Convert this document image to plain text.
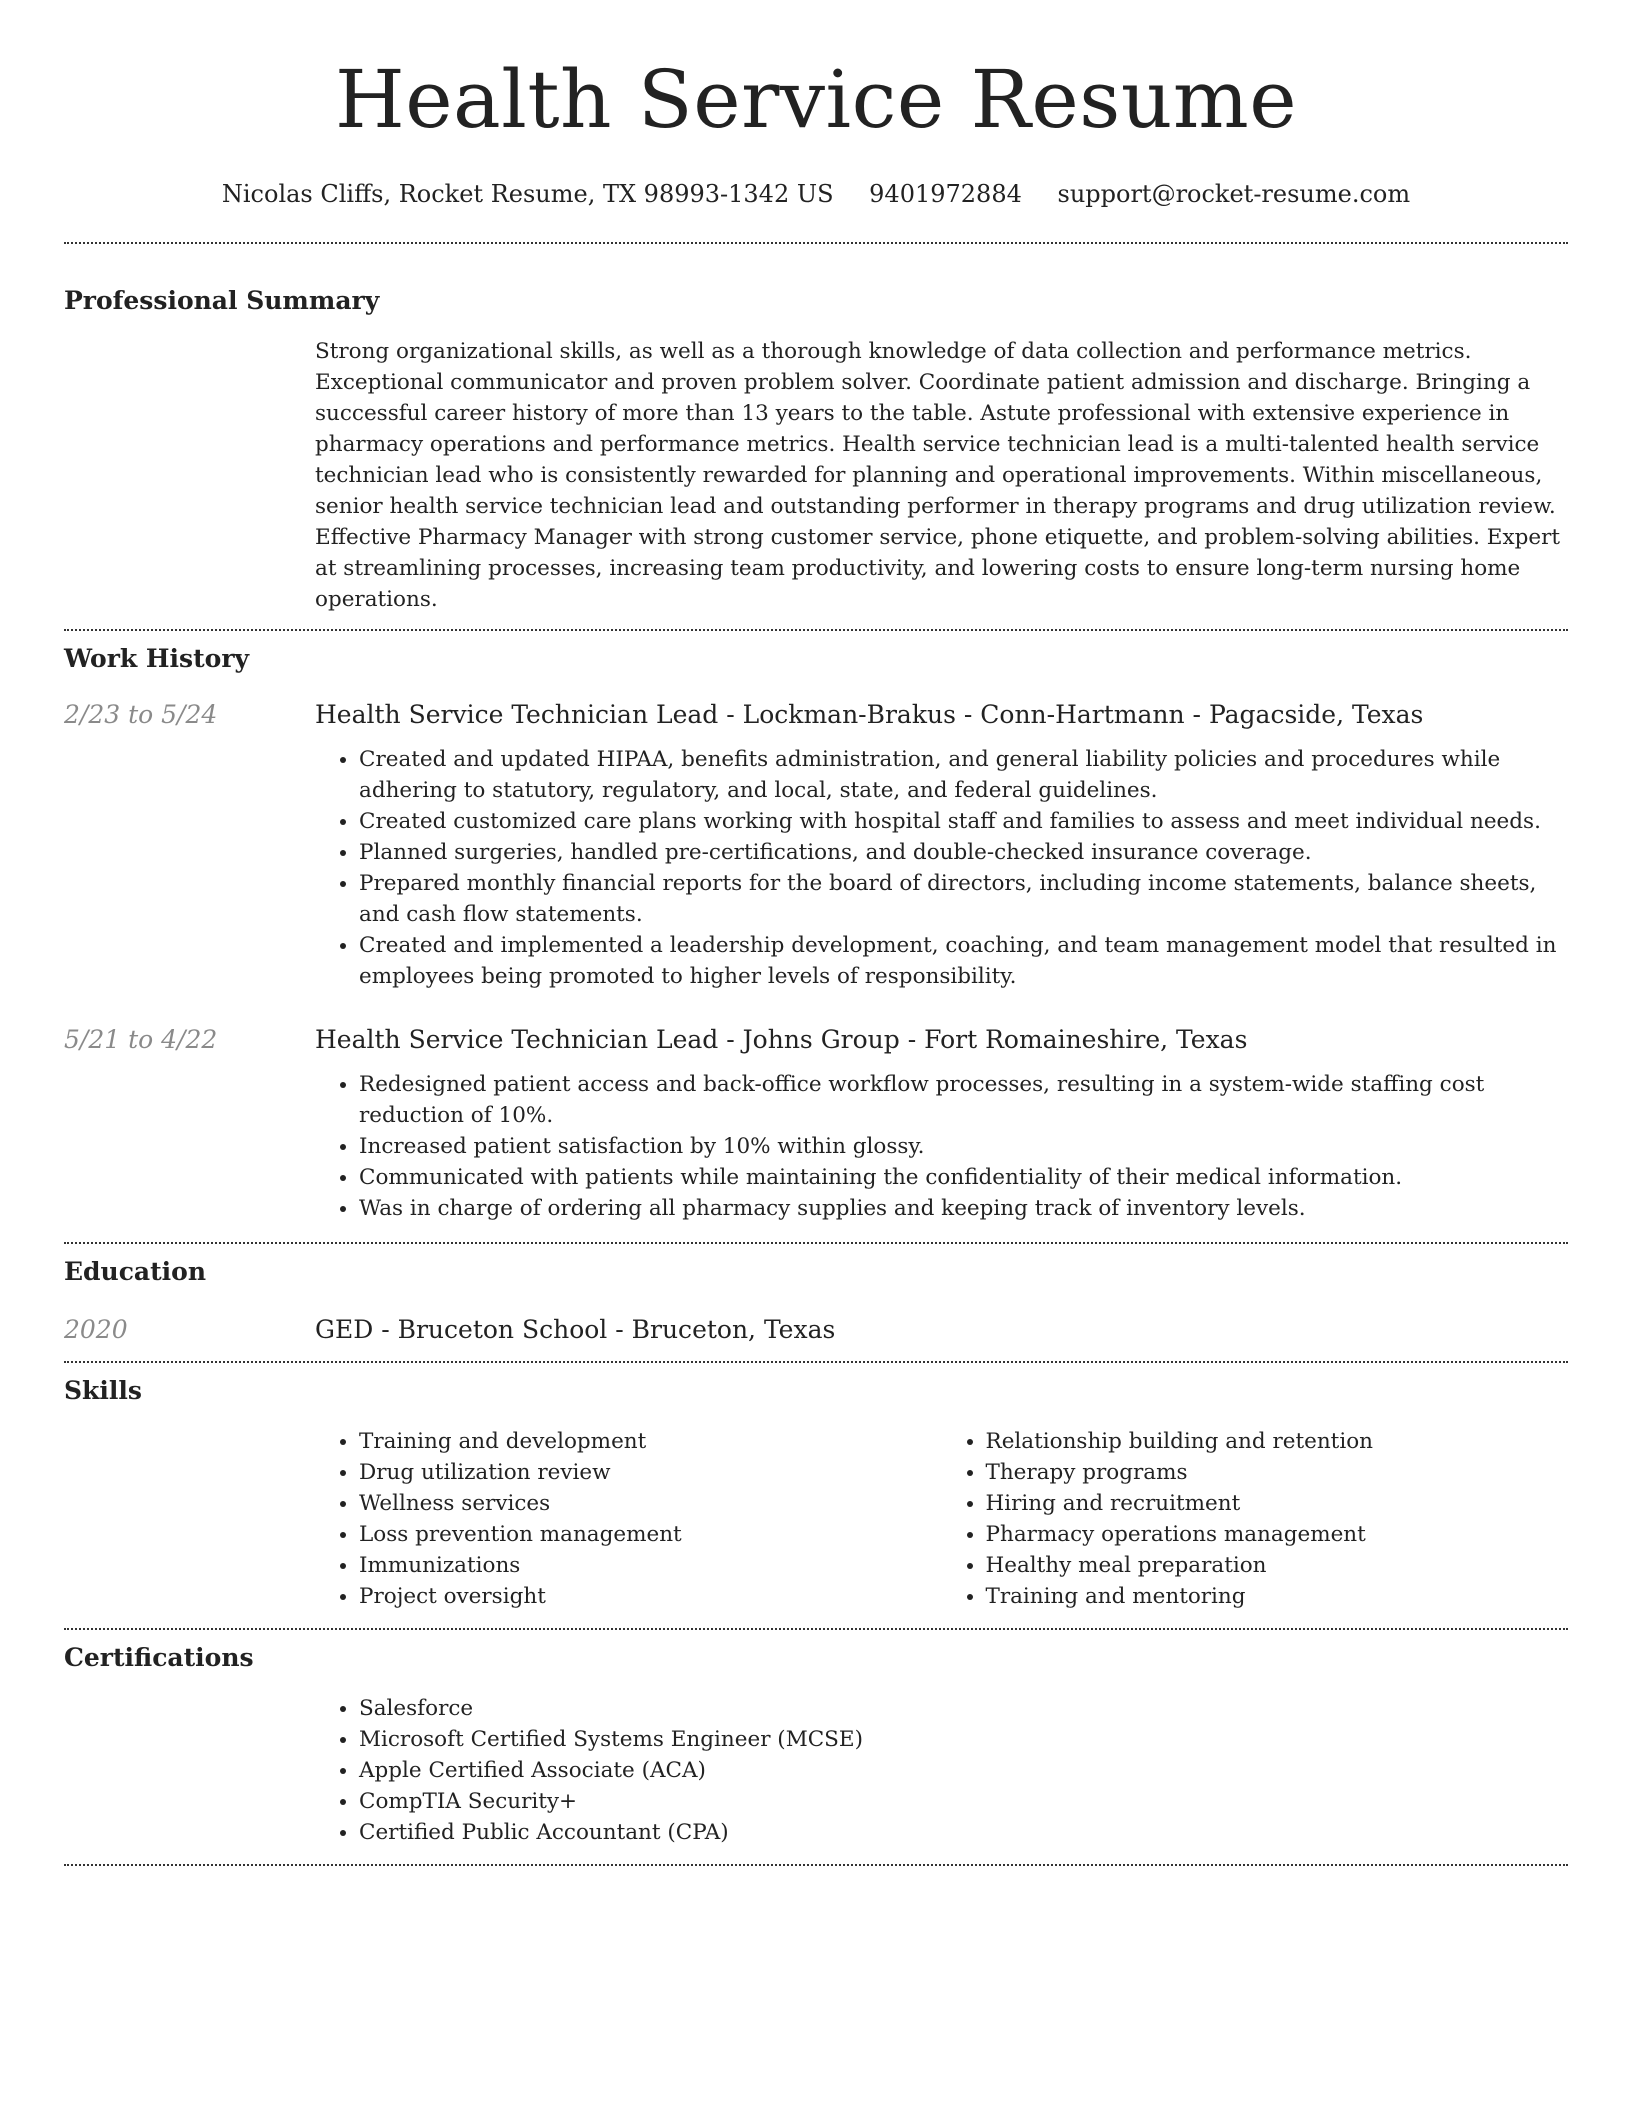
Health Service Resume
Nicolas Cliffs, Rocket Resume, TX 98993-1342 US 9401972884 support@rocket-resume.com
Professional Summary

Strong organizational skills, as well as a thorough knowledge of data collection and performance metrics. Exceptional communicator and proven problem solver. Coordinate patient admission and discharge. Bringing a successful career history of more than 13 years to the table. Astute professional with extensive experience in pharmacy operations and performance metrics. Health service technician lead is a multi-talented health service technician lead who is consistently rewarded for planning and operational improvements. Within miscellaneous, senior health service technician lead and outstanding performer in therapy programs and drug utilization review. Effective Pharmacy Manager with strong customer service, phone etiquette, and problem-solving abilities. Expert at streamlining processes, increasing team productivity, and lowering costs to ensure long-term nursing home operations.

Work History
2/23 to 5/24	Health Service Technician Lead - Lockman-Brakus - Conn-Hartmann - Pagacside, Texas
• Created and updated HIPAA, benefits administration, and general liability policies and procedures while adhering to statutory, regulatory, and local, state, and federal guidelines.
• Created customized care plans working with hospital staff and families to assess and meet individual needs.
• Planned surgeries, handled pre-certifications, and double-checked insurance coverage.
• Prepared monthly financial reports for the board of directors, including income statements, balance sheets, and cash flow statements.
• Created and implemented a leadership development, coaching, and team management model that resulted in employees being promoted to higher levels of responsibility.
5/21 to 4/22	Health Service Technician Lead - Johns Group - Fort Romaineshire, Texas
• Redesigned patient access and back-office workflow processes, resulting in a system-wide staffing cost reduction of 10%.
• Increased patient satisfaction by 10% within glossy.
• Communicated with patients while maintaining the confidentiality of their medical information.
• Was in charge of ordering all pharmacy supplies and keeping track of inventory levels.
Education
2020	GED - Bruceton School - Bruceton, Texas
Skills
• Training and development
• Drug utilization review
• Wellness services
• Loss prevention management
• Immunizations
• Project oversight
• Relationship building and retention
• Therapy programs
• Hiring and recruitment
• Pharmacy operations management
• Healthy meal preparation
• Training and mentoring
Certifications
• Salesforce
• Microsoft Certified Systems Engineer (MCSE)
• Apple Certified Associate (ACA)
• CompTIA Security+
• Certified Public Accountant (CPA)
